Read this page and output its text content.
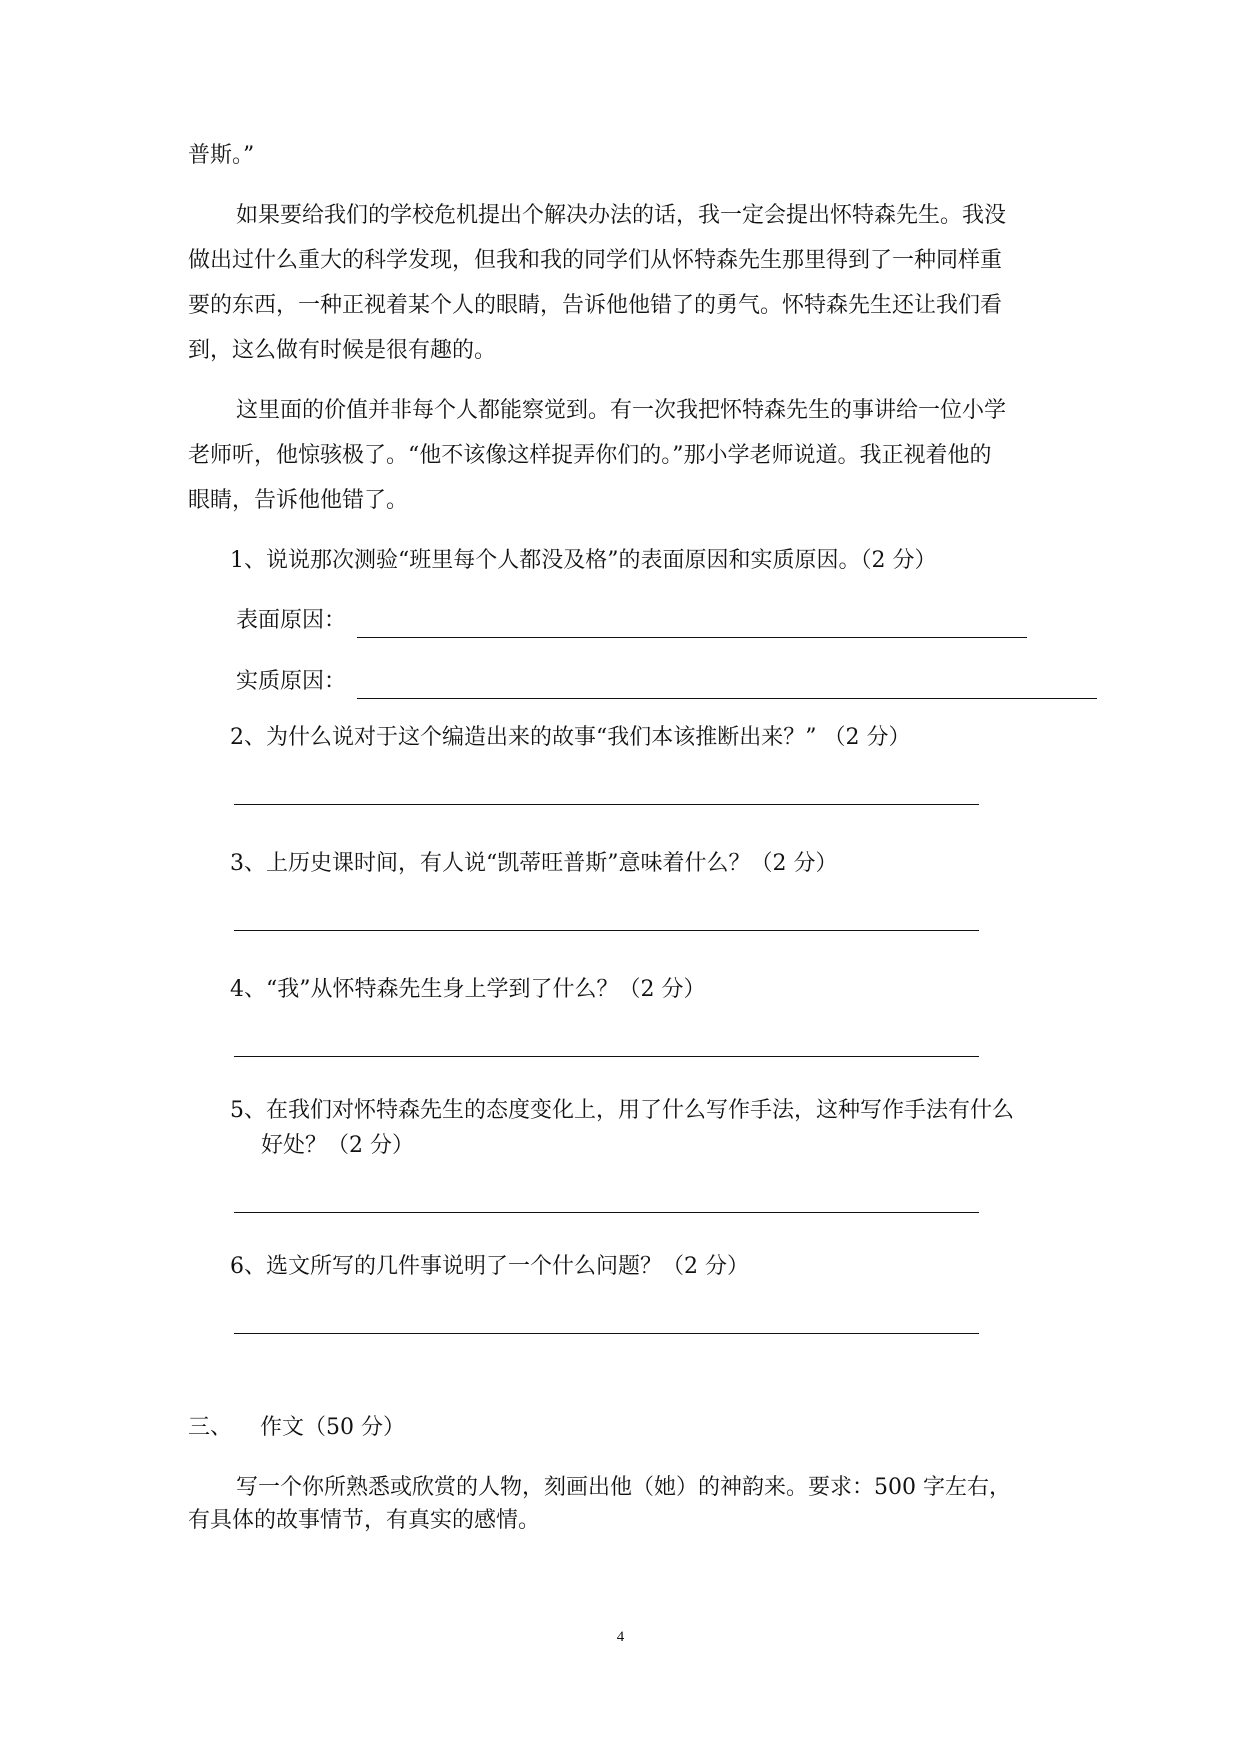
普斯。”
如果要给我们的学校危机提出个解决办法的话，我一定会提出怀特森先生。我没
做出过什么重大的科学发现，但我和我的同学们从怀特森先生那里得到了一种同样重
要的东西，一种正视着某个人的眼睛，告诉他他错了的勇气。怀特森先生还让我们看
到，这么做有时候是很有趣的。
这里面的价值并非每个人都能察觉到。有一次我把怀特森先生的事讲给一位小学
老师听，他惊骇极了。“他不该像这样捉弄你们的。”那小学老师说道。我正视着他的
眼睛，告诉他他错了。
1、说说那次测验“班里每个人都没及格”的表面原因和实质原因。（2 分）
表面原因：
实质原因：
2、为什么说对于这个编造出来的故事“我们本该推断出来？” （2 分）
3、上历史课时间，有人说“凯蒂旺普斯”意味着什么？（2 分）
4、“我”从怀特森先生身上学到了什么？（2 分）
5、在我们对怀特森先生的态度变化上，用了什么写作手法，这种写作手法有什么
好处？（2 分）
6、选文所写的几件事说明了一个什么问题？（2 分）
三、 作文（50 分）
写一个你所熟悉或欣赏的人物，刻画出他（她）的神韵来。要求：500 字左右，
有具体的故事情节，有真实的感情。
4
